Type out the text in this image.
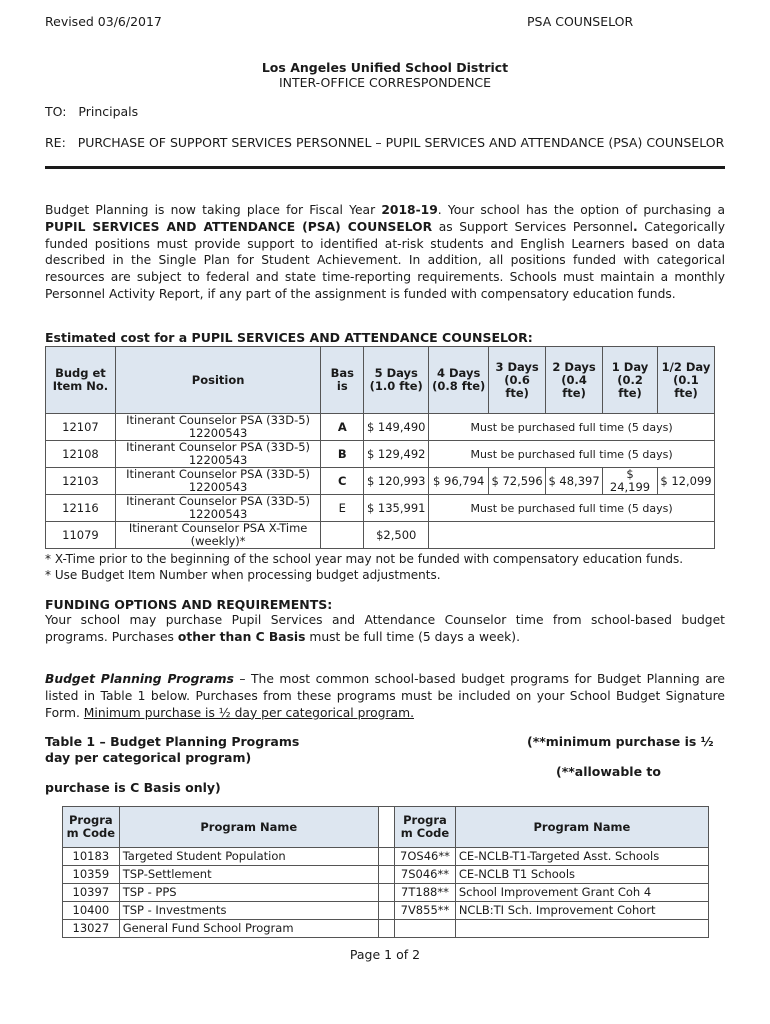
Revised 03/6/2017	PSA COUNSELOR
Los Angeles Unified School District
INTER-OFFICE CORRESPONDENCE
TO: Principals
RE: PURCHASE OF SUPPORT SERVICES PERSONNEL – PUPIL SERVICES AND ATTENDANCE (PSA) COUNSELOR
Budget Planning is now taking place for Fiscal Year 2018-19. Your school has the option of purchasing a PUPIL SERVICES AND ATTENDANCE (PSA) COUNSELOR as Support Services Personnel. Categorically funded positions must provide support to identified at-risk students and English Learners based on data described in the Single Plan for Student Achievement. In addition, all positions funded with categorical resources are subject to federal and state time-reporting requirements. Schools must maintain a monthly Personnel Activity Report, if any part of the assignment is funded with compensatory education funds.
Estimated cost for a PUPIL SERVICES AND ATTENDANCE COUNSELOR:
Budg et Item No.	Position	Bas is	5 Days (1.0 fte)	4 Days (0.8 fte)	3 Days (0.6 fte)	2 Days (0.4 fte)	1 Day (0.2 fte)	1/2 Day (0.1 fte)
12107	Itinerant Counselor PSA (33D-5) 12200543	A	$ 149,490	Must be purchased full time (5 days)				
12108	Itinerant Counselor PSA (33D-5) 12200543	B	$ 129,492	Must be purchased full time (5 days)				
12103	Itinerant Counselor PSA (33D-5) 12200543	C	$ 120,993	$ 96,794	$ 72,596	$ 48,397	$ 24,199	$ 12,099
12116	Itinerant Counselor PSA (33D-5) 12200543	E	$ 135,991	Must be purchased full time (5 days)				
11079	Itinerant Counselor PSA X-Time (weekly)*		$2,500					
* X-Time prior to the beginning of the school year may not be funded with compensatory education funds.
* Use Budget Item Number when processing budget adjustments.
FUNDING OPTIONS AND REQUIREMENTS:
Your school may purchase Pupil Services and Attendance Counselor time from school-based budget programs. Purchases other than C Basis must be full time (5 days a week).
Budget Planning Programs – The most common school-based budget programs for Budget Planning are listed in Table 1 below. Purchases from these programs must be included on your School Budget Signature Form. Minimum purchase is ½ day per categorical program.
Table 1 – Budget Planning Programs
day per categorical program)
(**minimum purchase is ½
(**allowable to
purchase is C Basis only)
Progra m Code	Program Name		Progra m Code	Program Name
10183	Targeted Student Population		7OS46**	CE-NCLB-T1-Targeted Asst. Schools
10359	TSP-Settlement		7S046**	CE-NCLB T1 Schools
10397	TSP - PPS		7T188**	School Improvement Grant Coh 4
10400	TSP - Investments		7V855**	NCLB:TI Sch. Improvement Cohort
13027	General Fund School Program			
Page 1 of 2
